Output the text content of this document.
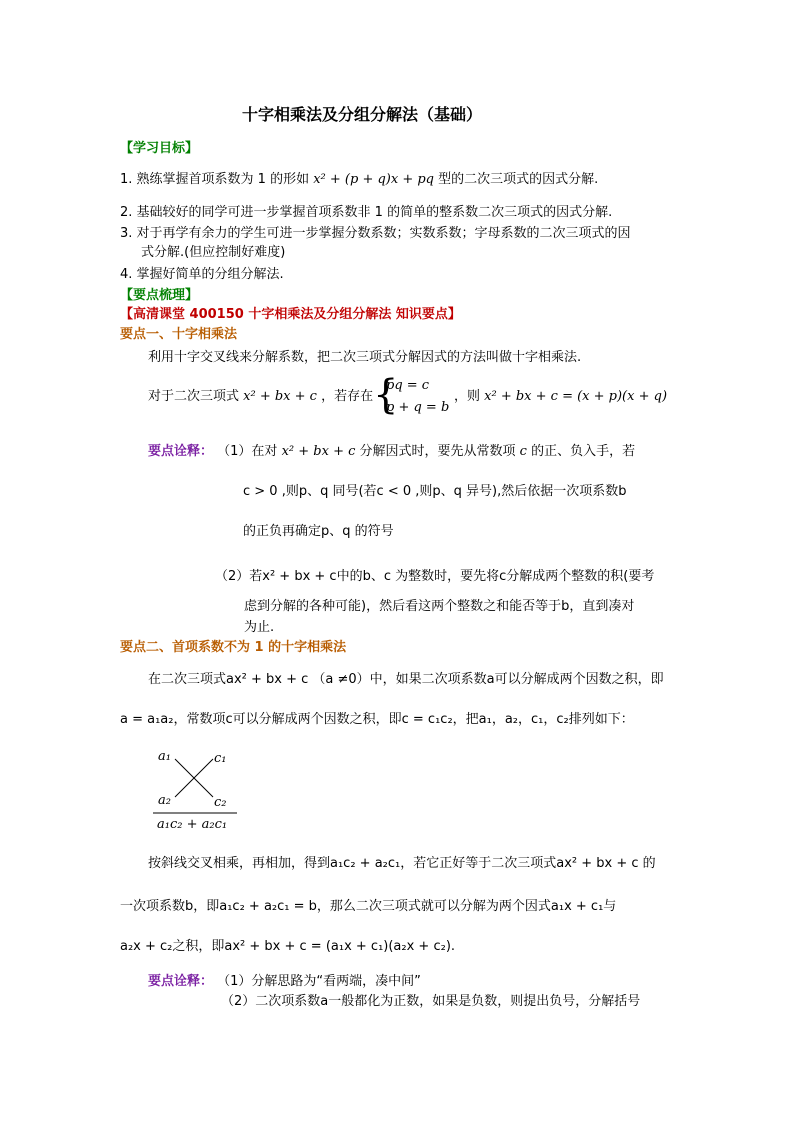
十字相乘法及分组分解法（基础）
【学习目标】
1. 熟练掌握首项系数为 1 的形如 x² + (p + q)x + pq 型的二次三项式的因式分解.
2. 基础较好的同学可进一步掌握首项系数非 1 的简单的整系数二次三项式的因式分解.
3. 对于再学有余力的学生可进一步掌握分数系数；实数系数；字母系数的二次三项式的因
式分解.(但应控制好难度)
4. 掌握好简单的分组分解法.
【要点梳理】
【高清课堂 400150 十字相乘法及分组分解法 知识要点】
要点一、十字相乘法
利用十字交叉线来分解系数，把二次三项式分解因式的方法叫做十字相乘法.
对于二次三项式 x² + bx + c ，若存在 {
pq = c
p + q = b
，则 x² + bx + c = (x + p)(x + q)
要点诠释： （1）在对 x² + bx + c 分解因式时，要先从常数项 c 的正、负入手，若
c > 0 ,则p、q 同号(若c < 0 ,则p、q 异号),然后依据一次项系数b
的正负再确定p、q 的符号
（2）若x² + bx + c中的b、c 为整数时，要先将c分解成两个整数的积(要考
虑到分解的各种可能)，然后看这两个整数之和能否等于b，直到凑对
为止.
要点二、首项系数不为 1 的十字相乘法
在二次三项式ax² + bx + c （a ≠0）中，如果二次项系数a可以分解成两个因数之积，即
a = a₁a₂，常数项c可以分解成两个因数之积，即c = c₁c₂，把a₁，a₂，c₁，c₂排列如下：
a₁	c₁
a₂	c₂
a₁c₂ + a₂c₁
按斜线交叉相乘，再相加，得到a₁c₂ + a₂c₁，若它正好等于二次三项式ax² + bx + c 的
一次项系数b，即a₁c₂ + a₂c₁ = b，那么二次三项式就可以分解为两个因式a₁x + c₁与
a₂x + c₂之积，即ax² + bx + c = (a₁x + c₁)(a₂x + c₂).
要点诠释： （1）分解思路为“看两端，凑中间”
（2）二次项系数a一般都化为正数，如果是负数，则提出负号，分解括号
